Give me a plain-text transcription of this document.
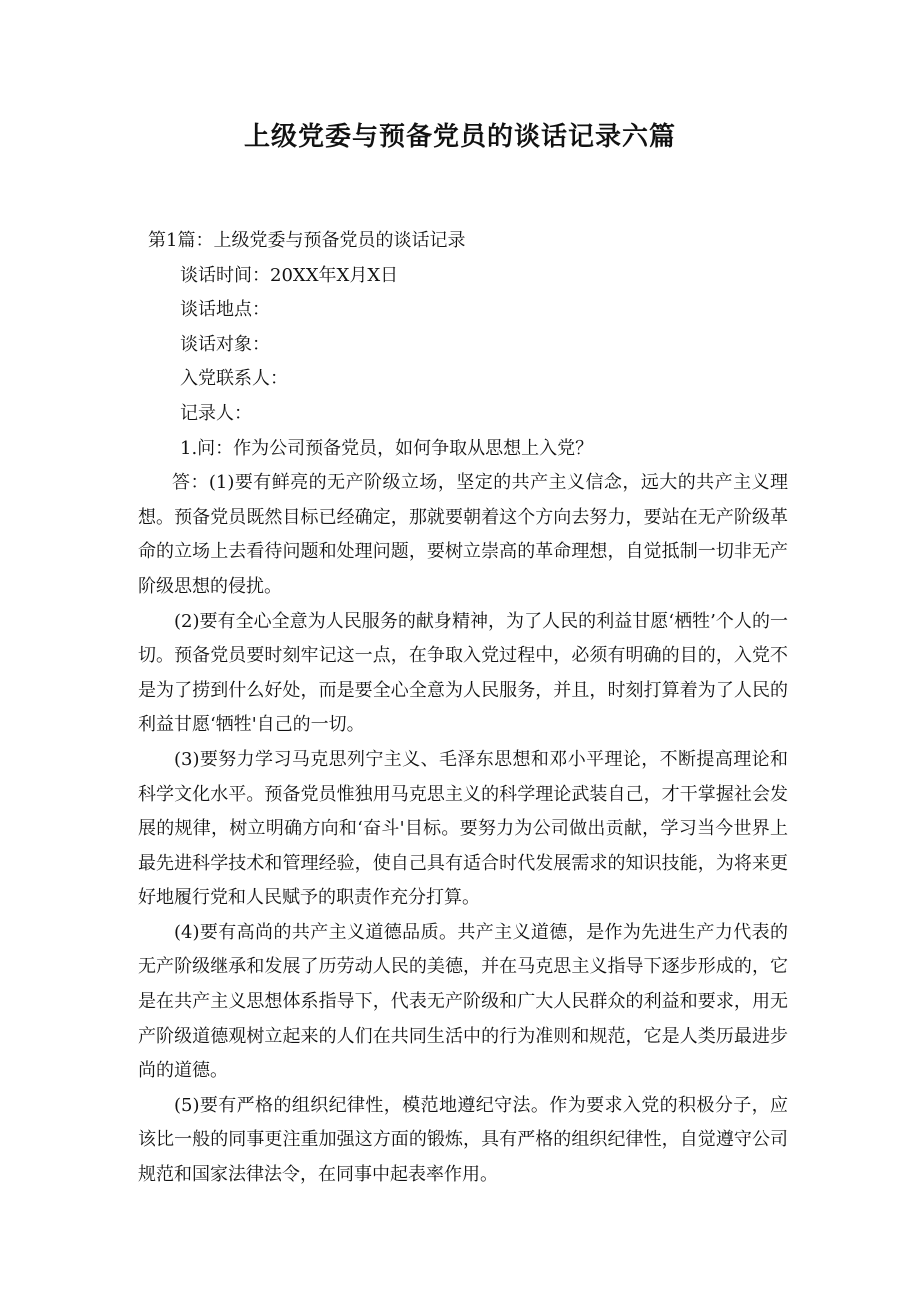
上级党委与预备党员的谈话记录六篇

第1篇：上级党委与预备党员的谈话记录

谈话时间：20XX年X月X日

谈话地点：

谈话对象：

入党联系人：

记录人：

1.问：作为公司预备党员，如何争取从思想上入党？

答：(1)要有鲜亮的无产阶级立场，坚定的共产主义信念，远大的共产主义理想。预备党员既然目标已经确定，那就要朝着这个方向去努力，要站在无产阶级革命的立场上去看待问题和处理问题，要树立崇高的革命理想，自觉抵制一切非无产阶级思想的侵扰。

(2)要有全心全意为人民服务的献身精神，为了人民的利益甘愿‘栖牲’个人的一切。预备党员要时刻牢记这一点，在争取入党过程中，必须有明确的目的，入党不是为了捞到什么好处，而是要全心全意为人民服务，并且，时刻打算着为了人民的利益甘愿‘牺牲'自己的一切。

(3)要努力学习马克思列宁主义、毛泽东思想和邓小平理论，不断提高理论和科学文化水平。预备党员惟独用马克思主义的科学理论武装自己，才干掌握社会发展的规律，树立明确方向和‘奋斗'目标。要努力为公司做出贡献，学习当今世界上最先进科学技术和管理经验，使自己具有适合时代发展需求的知识技能，为将来更好地履行党和人民赋予的职责作充分打算。

(4)要有高尚的共产主义道德品质。共产主义道德，是作为先进生产力代表的无产阶级继承和发展了历劳动人民的美德，并在马克思主义指导下逐步形成的，它是在共产主义思想体系指导下，代表无产阶级和广大人民群众的利益和要求，用无产阶级道德观树立起来的人们在共同生活中的行为准则和规范，它是人类历最进步尚的道德。

(5)要有严格的组织纪律性，模范地遵纪守法。作为要求入党的积极分子，应该比一般的同事更注重加强这方面的锻炼，具有严格的组织纪律性，自觉遵守公司规范和国家法律法令，在同事中起表率作用。
